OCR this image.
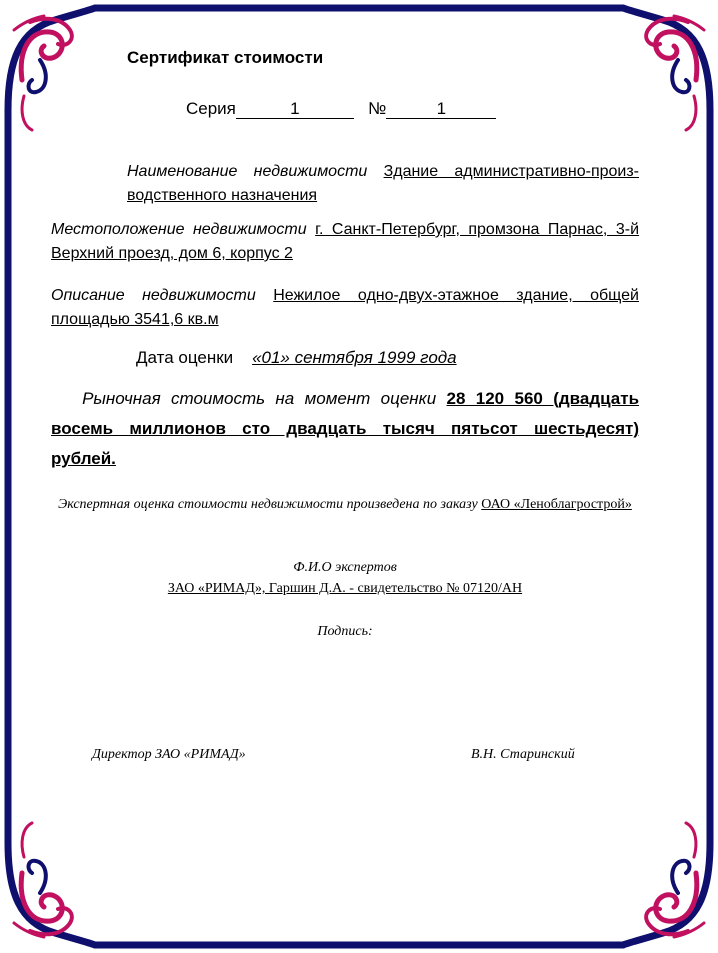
Сертификат стоимости
Серия	1	№	1
Наименование недвижимости Здание административно-произ-водственного назначения
Местоположение недвижимости г. Санкт-Петербург, промзона Парнас, 3-й Верхний проезд, дом 6, корпус 2
Описание недвижимости Нежилое одно-двух-этажное здание, общей площадью 3541,6 кв.м
Дата оценки «01» сентября 1999 года
Рыночная стоимость на момент оценки 28 120 560 (двадцать восемь миллионов сто двадцать тысяч пятьсот шестьдесят) рублей.
Экспертная оценка стоимости недвижимости произведена по заказу ОАО «Леноблагрострой»
Ф.И.О экспертов
ЗАО «РИМАД», Гаршин Д.А. - свидетельство № 07120/АН
Подпись:
Директор ЗАО «РИМАД»	В.Н. Старинский
